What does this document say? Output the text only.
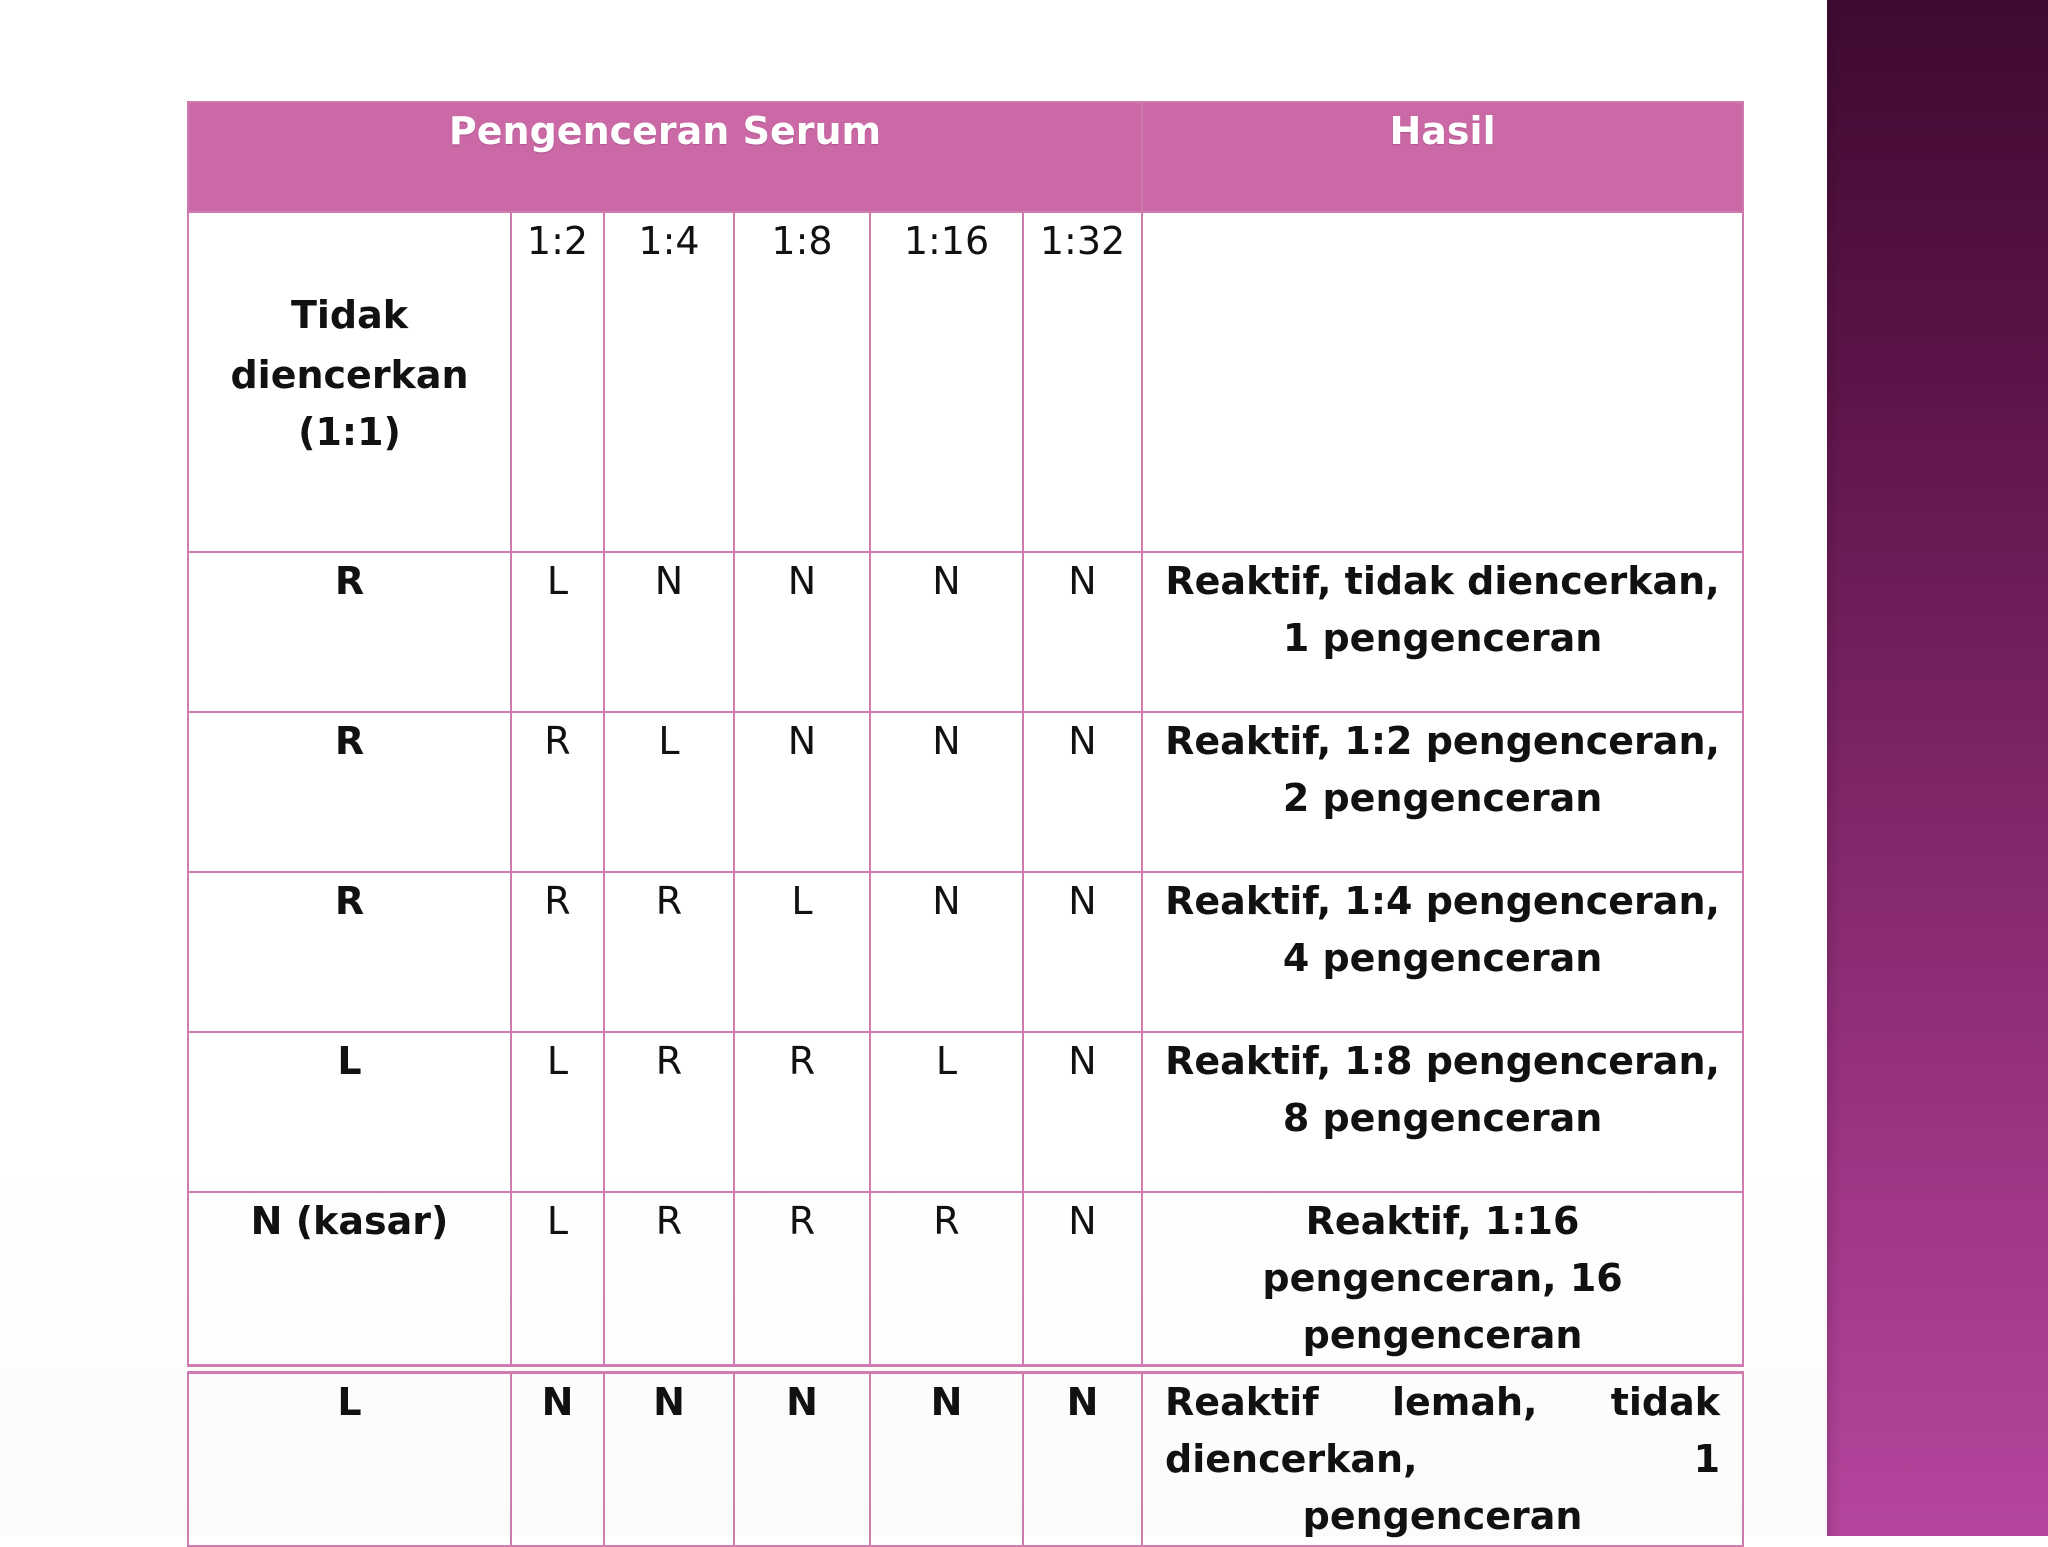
Pengenceran Serum						Hasil
Tidak
diencerkan
(1:1)	1:2	1:4	1:8	1:16	1:32	
R	L	N	N	N	N	Reaktif, tidak diencerkan, 1 pengenceran
R	R	L	N	N	N	Reaktif, 1:2 pengenceran, 2 pengenceran
R	R	R	L	N	N	Reaktif, 1:4 pengenceran, 4 pengenceran
L	L	R	R	L	N	Reaktif, 1:8 pengenceran, 8 pengenceran
N (kasar)	L	R	R	R	N	Reaktif, 1:16 pengenceran, 16 pengenceran
L	N	N	N	N	N	Reaktif lemah, tidak diencerkan, 1 pengenceran
